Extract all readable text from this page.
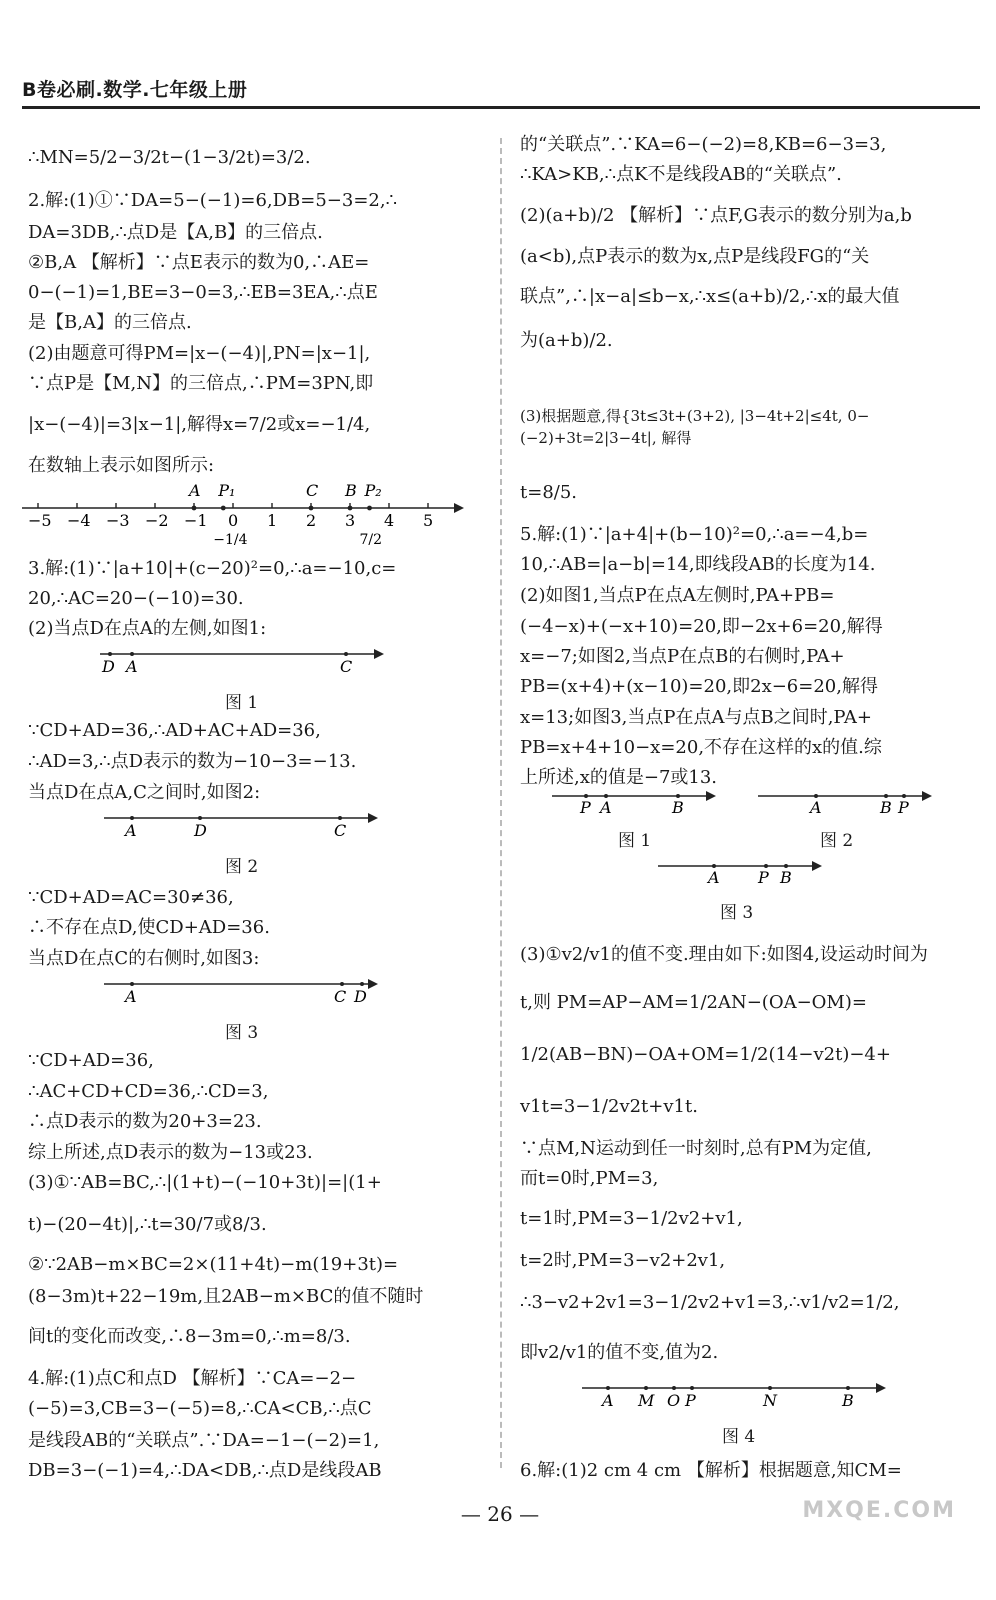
B卷必刷.数学.七年级上册
∴MN=5/2−3/2t−(1−3/2t)=3/2.
2.解:(1)①∵DA=5−(−1)=6,DB=5−3=2,∴
DA=3DB,∴点D是【A,B】的三倍点.
②B,A 【解析】∵点E表示的数为0,∴AE=
0−(−1)=1,BE=3−0=3,∴EB=3EA,∴点E
是【B,A】的三倍点.
(2)由题意可得PM=|x−(−4)|,PN=|x−1|,
∵点P是【M,N】的三倍点,∴PM=3PN,即
|x−(−4)|=3|x−1|,解得x=7/2或x=−1/4,
在数轴上表示如图所示:
−5 −4 −3 −2 −1 0 1 2 3 4 5
−1/4	7/2
A P₁	C B P₂
3.解:(1)∵|a+10|+(c−20)²=0,∴a=−10,c=
20,∴AC=20−(−10)=30.
(2)当点D在点A的左侧,如图1:
D A	C
图 1
∵CD+AD=36,∴AD+AC+AD=36,
∴AD=3,∴点D表示的数为−10−3=−13.
当点D在点A,C之间时,如图2:
A	D	C
图 2
∵CD+AD=AC=30≠36,
∴不存在点D,使CD+AD=36.
当点D在点C的右侧时,如图3:
A	C D
图 3
∵CD+AD=36,
∴AC+CD+CD=36,∴CD=3,
∴点D表示的数为20+3=23.
综上所述,点D表示的数为−13或23.
(3)①∵AB=BC,∴|(1+t)−(−10+3t)|=|(1+
t)−(20−4t)|,∴t=30/7或8/3.
②∵2AB−m×BC=2×(11+4t)−m(19+3t)=
(8−3m)t+22−19m,且2AB−m×BC的值不随时
间t的变化而改变,∴8−3m=0,∴m=8/3.
4.解:(1)点C和点D 【解析】∵CA=−2−
(−5)=3,CB=3−(−5)=8,∴CA<CB,∴点C
是线段AB的“关联点”.∵DA=−1−(−2)=1,
DB=3−(−1)=4,∴DA<DB,∴点D是线段AB
的“关联点”.∵KA=6−(−2)=8,KB=6−3=3,
∴KA>KB,∴点K不是线段AB的“关联点”.
(2)(a+b)/2 【解析】∵点F,G表示的数分别为a,b
(a<b),点P表示的数为x,点P是线段FG的“关
联点”,∴|x−a|≤b−x,∴x≤(a+b)/2,∴x的最大值
为(a+b)/2.
(3)根据题意,得{3t≤3t+(3+2), |3−4t+2|≤4t, 0−(−2)+3t=2|3−4t|, 解得
t=8/5.
5.解:(1)∵|a+4|+(b−10)²=0,∴a=−4,b=
10,∴AB=|a−b|=14,即线段AB的长度为14.
(2)如图1,当点P在点A左侧时,PA+PB=
(−4−x)+(−x+10)=20,即−2x+6=20,解得
x=−7;如图2,当点P在点B的右侧时,PA+
PB=(x+4)+(x−10)=20,即2x−6=20,解得
x=13;如图3,当点P在点A与点B之间时,PA+
PB=x+4+10−x=20,不存在这样的x的值.综
上所述,x的值是−7或13.
P A	B
图 1
A	B P
图 2
A P B
图 3
(3)①v2/v1的值不变.理由如下:如图4,设运动时间为
t,则 PM=AP−AM=1/2AN−(OA−OM)=
1/2(AB−BN)−OA+OM=1/2(14−v2t)−4+
v1t=3−1/2v2t+v1t.
∵点M,N运动到任一时刻时,总有PM为定值,
而t=0时,PM=3,
t=1时,PM=3−1/2v2+v1,
t=2时,PM=3−v2+2v1,
∴3−v2+2v1=3−1/2v2+v1=3,∴v1/v2=1/2,
即v2/v1的值不变,值为2.
A M O P	N	B
图 4
6.解:(1)2 cm 4 cm 【解析】根据题意,知CM=
— 26 —	MXQE.COM
